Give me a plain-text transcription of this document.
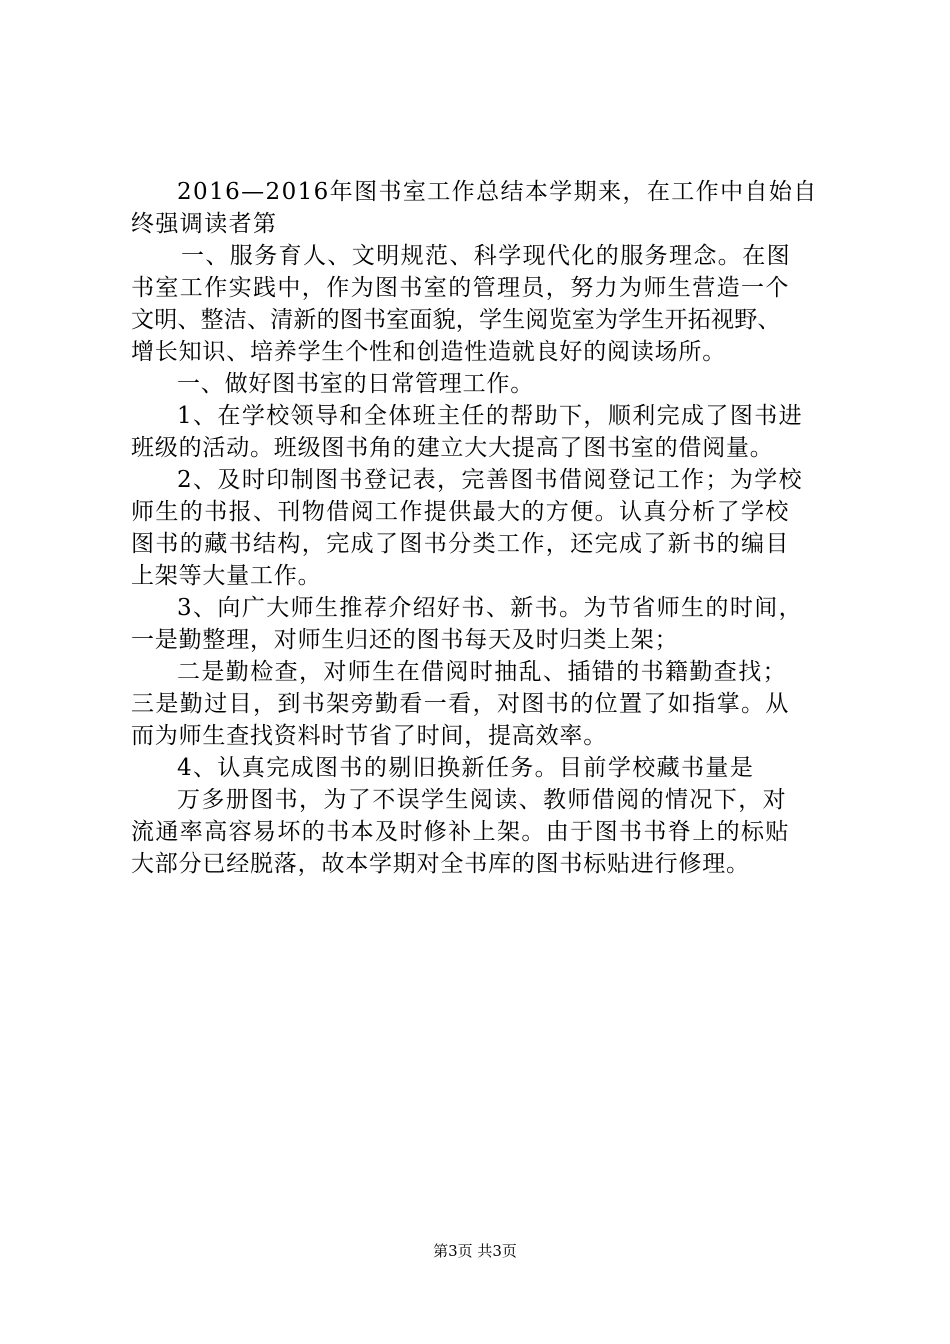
2016—2016年图书室工作总结本学期来，在工作中自始自
终强调读者第
一、服务育人、文明规范、科学现代化的服务理念。在图
书室工作实践中，作为图书室的管理员，努力为师生营造一个
文明、整洁、清新的图书室面貌，学生阅览室为学生开拓视野、
增长知识、培养学生个性和创造性造就良好的阅读场所。
一、做好图书室的日常管理工作。
1、在学校领导和全体班主任的帮助下，顺利完成了图书进
班级的活动。班级图书角的建立大大提高了图书室的借阅量。
2、及时印制图书登记表，完善图书借阅登记工作；为学校
师生的书报、刊物借阅工作提供最大的方便。认真分析了学校
图书的藏书结构，完成了图书分类工作，还完成了新书的编目
上架等大量工作。
3、向广大师生推荐介绍好书、新书。为节省师生的时间，
一是勤整理，对师生归还的图书每天及时归类上架；
二是勤检查，对师生在借阅时抽乱、插错的书籍勤查找；
三是勤过目，到书架旁勤看一看，对图书的位置了如指掌。从
而为师生查找资料时节省了时间，提高效率。
4、认真完成图书的剔旧换新任务。目前学校藏书量是
万多册图书，为了不误学生阅读、教师借阅的情况下，对
流通率高容易坏的书本及时修补上架。由于图书书脊上的标贴
大部分已经脱落，故本学期对全书库的图书标贴进行修理。
第3页 共3页
